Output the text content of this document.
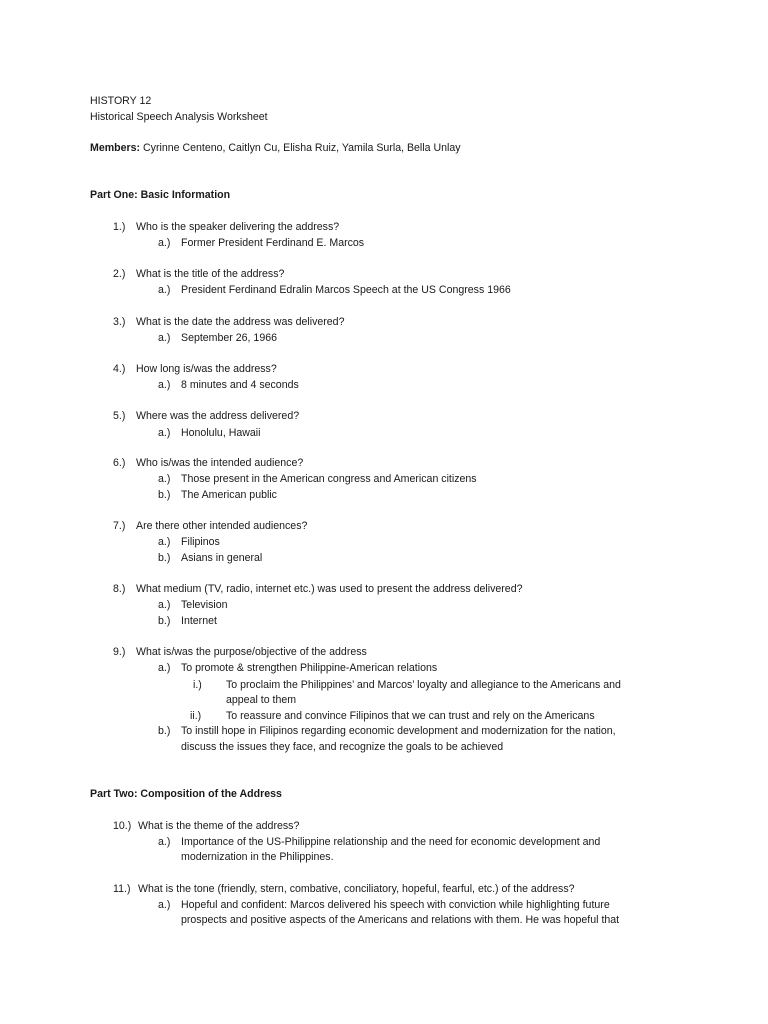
HISTORY 12
Historical Speech Analysis Worksheet
Members: Cyrinne Centeno, Caitlyn Cu, Elisha Ruiz, Yamila Surla, Bella Unlay
Part One: Basic Information
1.) Who is the speaker delivering the address?
a.) Former President Ferdinand E. Marcos
2.) What is the title of the address?
a.) President Ferdinand Edralin Marcos Speech at the US Congress 1966
3.) What is the date the address was delivered?
a.) September 26, 1966
4.) How long is/was the address?
a.) 8 minutes and 4 seconds
5.) Where was the address delivered?
a.) Honolulu, Hawaii
6.) Who is/was the intended audience?
a.) Those present in the American congress and American citizens
b.) The American public
7.) Are there other intended audiences?
a.) Filipinos
b.) Asians in general
8.) What medium (TV, radio, internet etc.) was used to present the address delivered?
a.) Television
b.) Internet
9.) What is/was the purpose/objective of the address
a.) To promote & strengthen Philippine-American relations
i.) To proclaim the Philippines’ and Marcos’ loyalty and allegiance to the Americans and
appeal to them
ii.) To reassure and convince Filipinos that we can trust and rely on the Americans
b.) To instill hope in Filipinos regarding economic development and modernization for the nation,
discuss the issues they face, and recognize the goals to be achieved
Part Two: Composition of the Address
10.) What is the theme of the address?
a.) Importance of the US-Philippine relationship and the need for economic development and
modernization in the Philippines.
11.) What is the tone (friendly, stern, combative, conciliatory, hopeful, fearful, etc.) of the address?
a.) Hopeful and confident: Marcos delivered his speech with conviction while highlighting future
prospects and positive aspects of the Americans and relations with them. He was hopeful that
